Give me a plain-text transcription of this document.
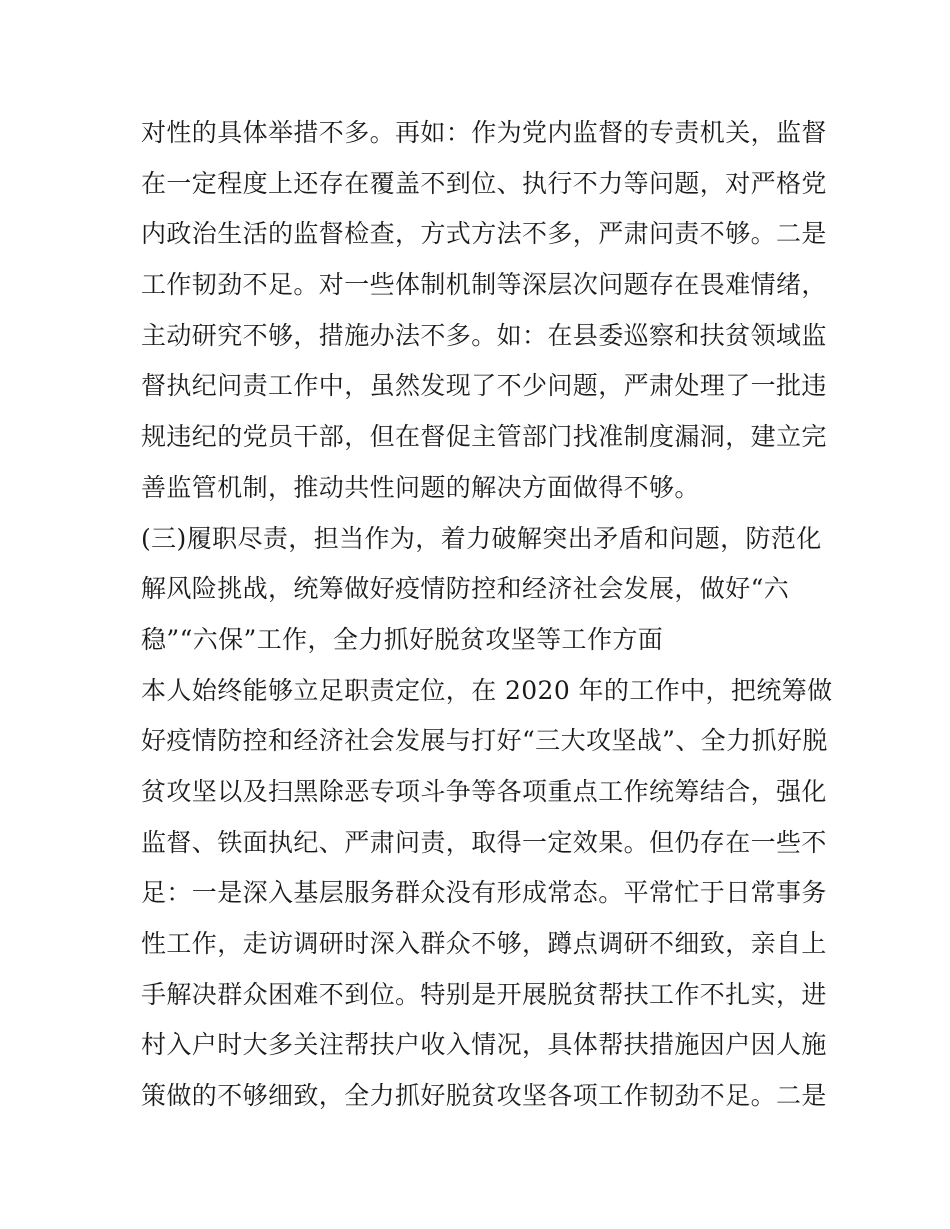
对性的具体举措不多。再如：作为党内监督的专责机关，监督
在一定程度上还存在覆盖不到位、执行不力等问题，对严格党
内政治生活的监督检查，方式方法不多，严肃问责不够。二是
工作韧劲不足。对一些体制机制等深层次问题存在畏难情绪，
主动研究不够，措施办法不多。如：在县委巡察和扶贫领域监
督执纪问责工作中，虽然发现了不少问题，严肃处理了一批违
规违纪的党员干部，但在督促主管部门找准制度漏洞，建立完
善监管机制，推动共性问题的解决方面做得不够。
(三)履职尽责，担当作为，着力破解突出矛盾和问题，防范化
解风险挑战，统筹做好疫情防控和经济社会发展，做好“六
稳”“六保”工作，全力抓好脱贫攻坚等工作方面
本人始终能够立足职责定位，在 2020 年的工作中，把统筹做
好疫情防控和经济社会发展与打好“三大攻坚战”、全力抓好脱
贫攻坚以及扫黑除恶专项斗争等各项重点工作统筹结合，强化
监督、铁面执纪、严肃问责，取得一定效果。但仍存在一些不
足：一是深入基层服务群众没有形成常态。平常忙于日常事务
性工作，走访调研时深入群众不够，蹲点调研不细致，亲自上
手解决群众困难不到位。特别是开展脱贫帮扶工作不扎实，进
村入户时大多关注帮扶户收入情况，具体帮扶措施因户因人施
策做的不够细致，全力抓好脱贫攻坚各项工作韧劲不足。二是
